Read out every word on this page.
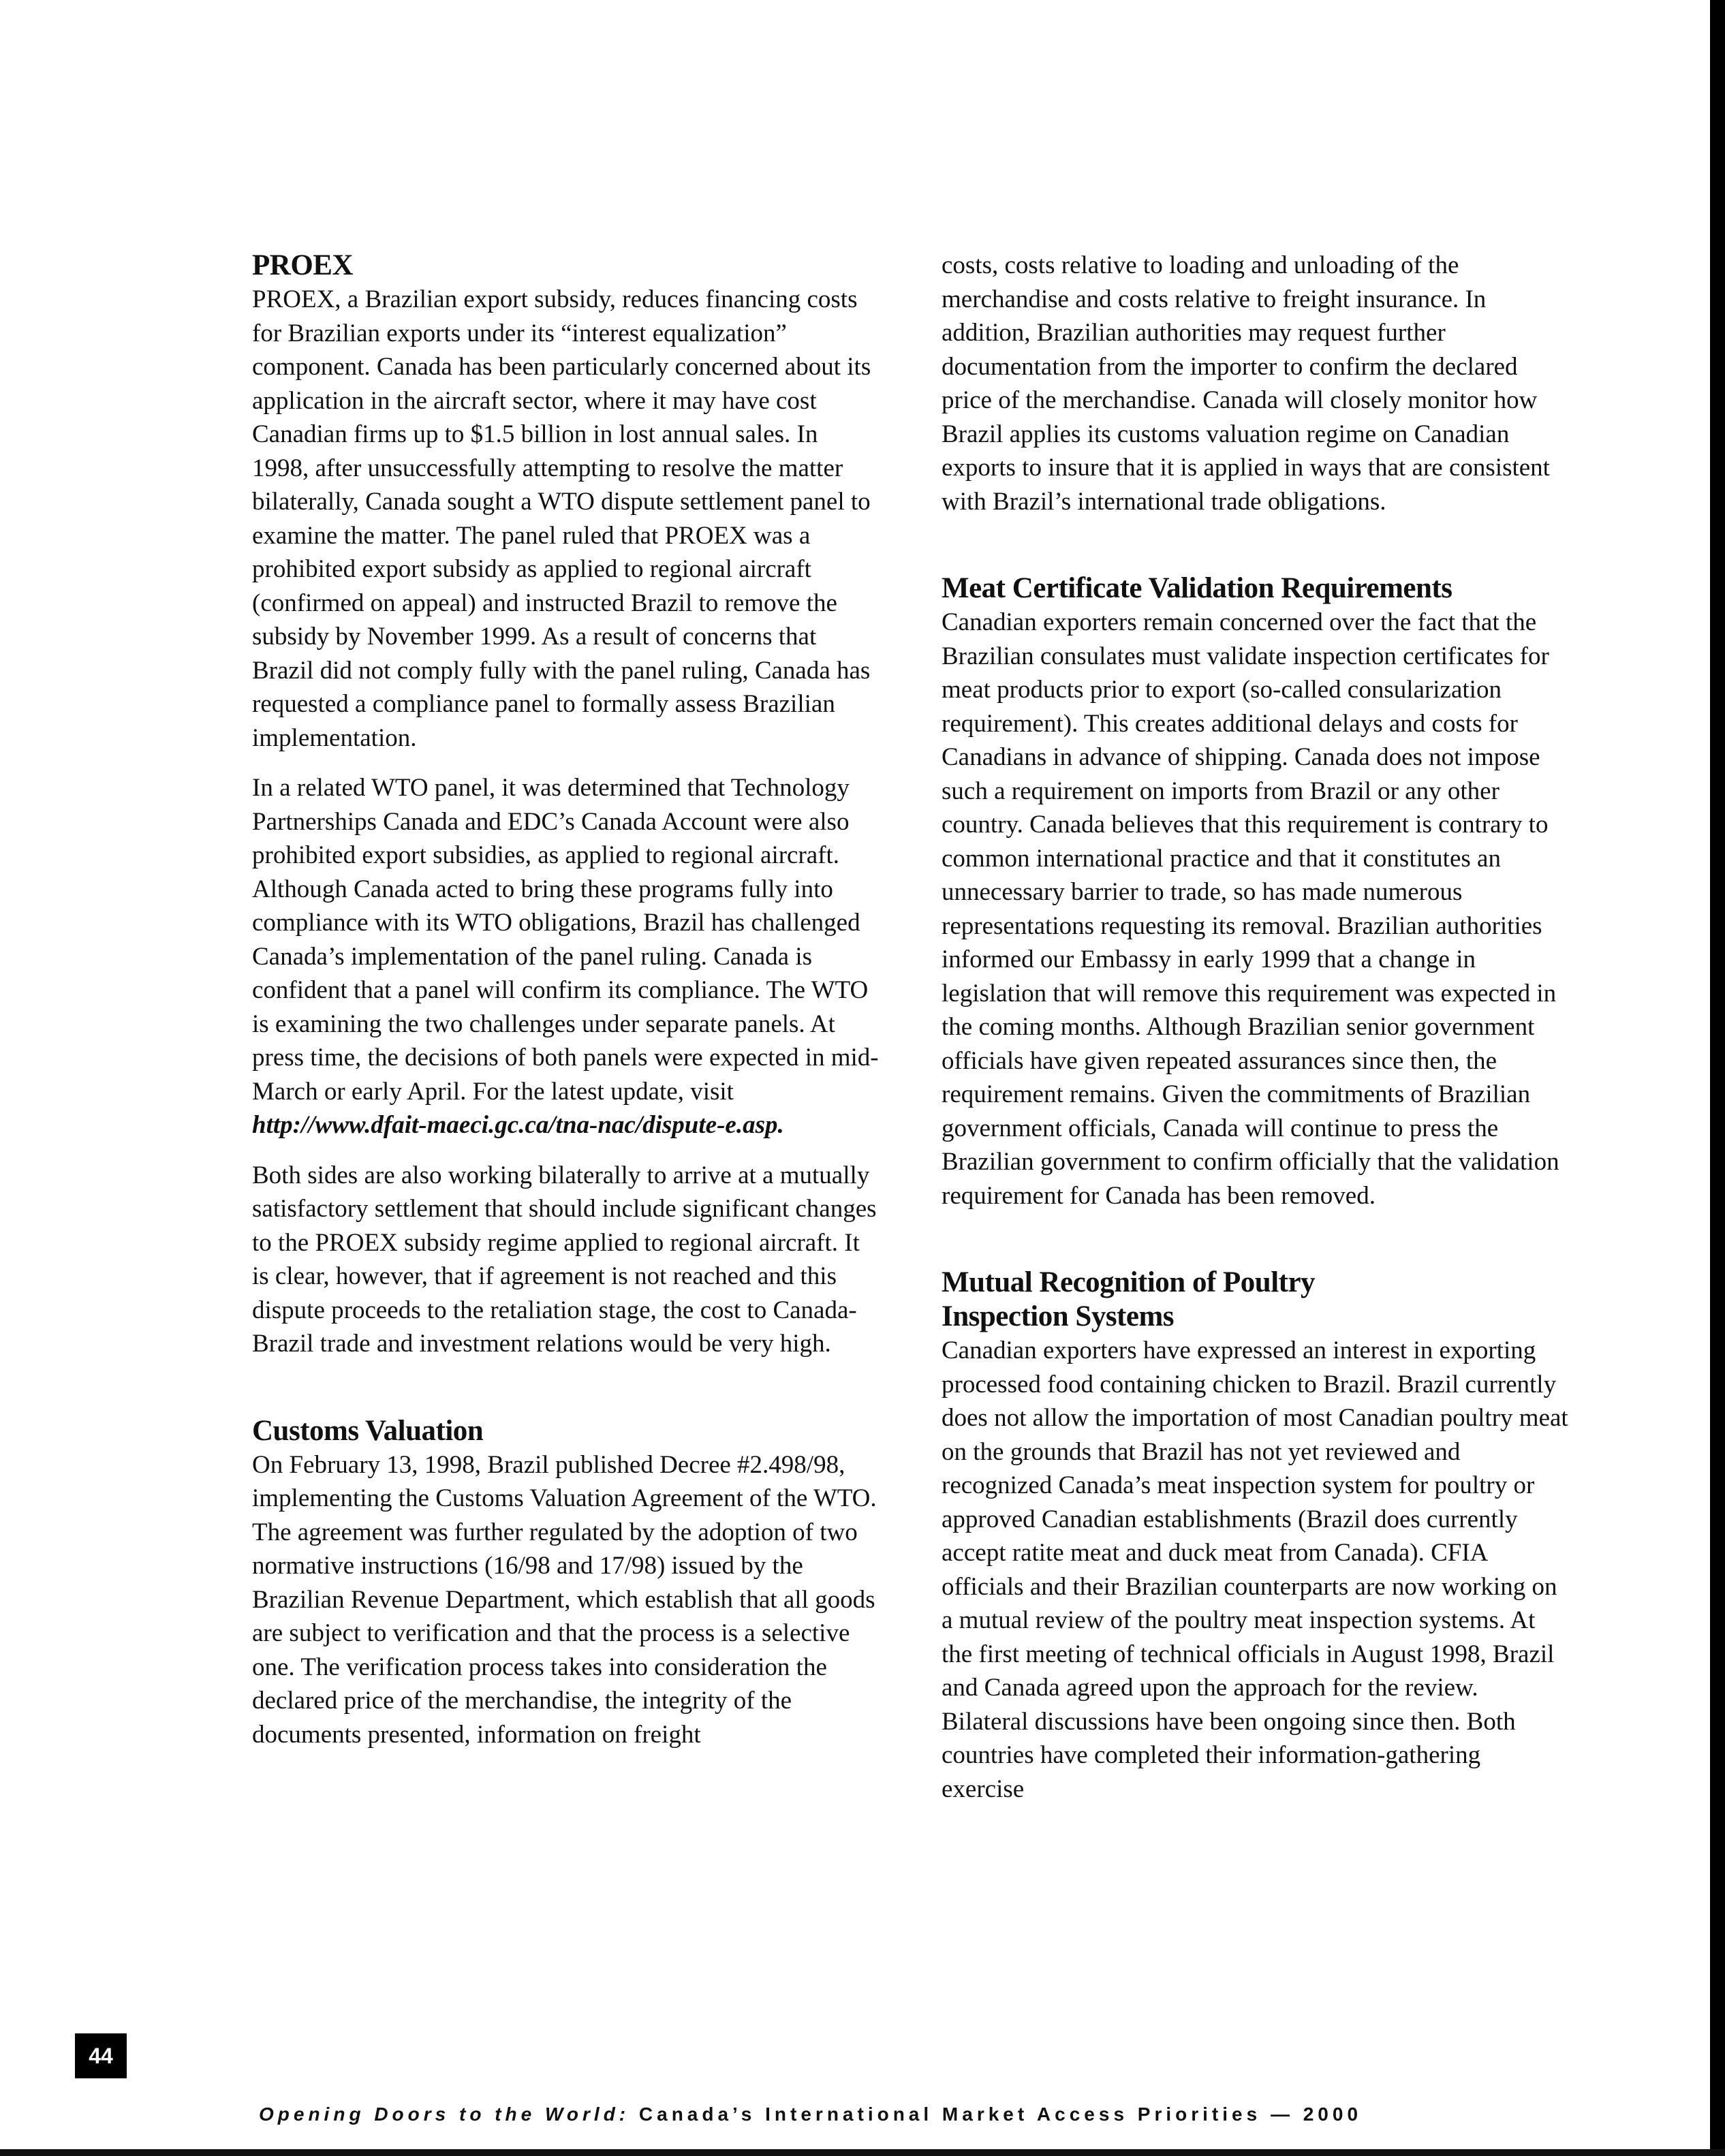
PROEX

PROEX, a Brazilian export subsidy, reduces financing costs for Brazilian exports under its “interest equalization” component. Canada has been particularly concerned about its application in the aircraft sector, where it may have cost Canadian firms up to $1.5 billion in lost annual sales. In 1998, after unsuccessfully attempting to resolve the matter bilaterally, Canada sought a WTO dispute settlement panel to examine the matter. The panel ruled that PROEX was a prohibited export subsidy as applied to regional aircraft (confirmed on appeal) and instructed Brazil to remove the subsidy by November 1999. As a result of concerns that Brazil did not comply fully with the panel ruling, Canada has requested a compliance panel to formally assess Brazilian implementation.

In a related WTO panel, it was determined that Technology Partnerships Canada and EDC’s Canada Account were also prohibited export subsidies, as applied to regional aircraft. Although Canada acted to bring these programs fully into compliance with its WTO obligations, Brazil has challenged Canada’s implementation of the panel ruling. Canada is confident that a panel will confirm its compliance. The WTO is examining the two challenges under separate panels. At press time, the decisions of both panels were expected in mid-March or early April. For the latest update, visit http://www.dfait-maeci.gc.ca/tna-nac/dispute-e.asp.

Both sides are also working bilaterally to arrive at a mutually satisfactory settlement that should include significant changes to the PROEX subsidy regime applied to regional aircraft. It is clear, however, that if agreement is not reached and this dispute proceeds to the retaliation stage, the cost to Canada-Brazil trade and investment relations would be very high.

Customs Valuation

On February 13, 1998, Brazil published Decree #2.498/98, implementing the Customs Valuation Agreement of the WTO. The agreement was further regulated by the adoption of two normative instructions (16/98 and 17/98) issued by the Brazilian Revenue Department, which establish that all goods are subject to verification and that the process is a selective one. The verification process takes into consideration the declared price of the merchandise, the integrity of the documents presented, information on freight

costs, costs relative to loading and unloading of the merchandise and costs relative to freight insurance. In addition, Brazilian authorities may request further documentation from the importer to confirm the declared price of the merchandise. Canada will closely monitor how Brazil applies its customs valuation regime on Canadian exports to insure that it is applied in ways that are consistent with Brazil’s international trade obligations.

Meat Certificate Validation Requirements

Canadian exporters remain concerned over the fact that the Brazilian consulates must validate inspection certificates for meat products prior to export (so-called consularization requirement). This creates additional delays and costs for Canadians in advance of shipping. Canada does not impose such a requirement on imports from Brazil or any other country. Canada believes that this requirement is contrary to common international practice and that it constitutes an unnecessary barrier to trade, so has made numerous representations requesting its removal. Brazilian authorities informed our Embassy in early 1999 that a change in legislation that will remove this requirement was expected in the coming months. Although Brazilian senior government officials have given repeated assurances since then, the requirement remains. Given the commitments of Brazilian government officials, Canada will continue to press the Brazilian government to confirm officially that the validation requirement for Canada has been removed.

Mutual Recognition of Poultry
Inspection Systems

Canadian exporters have expressed an interest in exporting processed food containing chicken to Brazil. Brazil currently does not allow the importation of most Canadian poultry meat on the grounds that Brazil has not yet reviewed and recognized Canada’s meat inspection system for poultry or approved Canadian establishments (Brazil does currently accept ratite meat and duck meat from Canada). CFIA officials and their Brazilian counterparts are now working on a mutual review of the poultry meat inspection systems. At the first meeting of technical officials in August 1998, Brazil and Canada agreed upon the approach for the review. Bilateral discussions have been ongoing since then. Both countries have completed their information-gathering exercise

44
Opening Doors to the World: Canada’s International Market Access Priorities — 2000
